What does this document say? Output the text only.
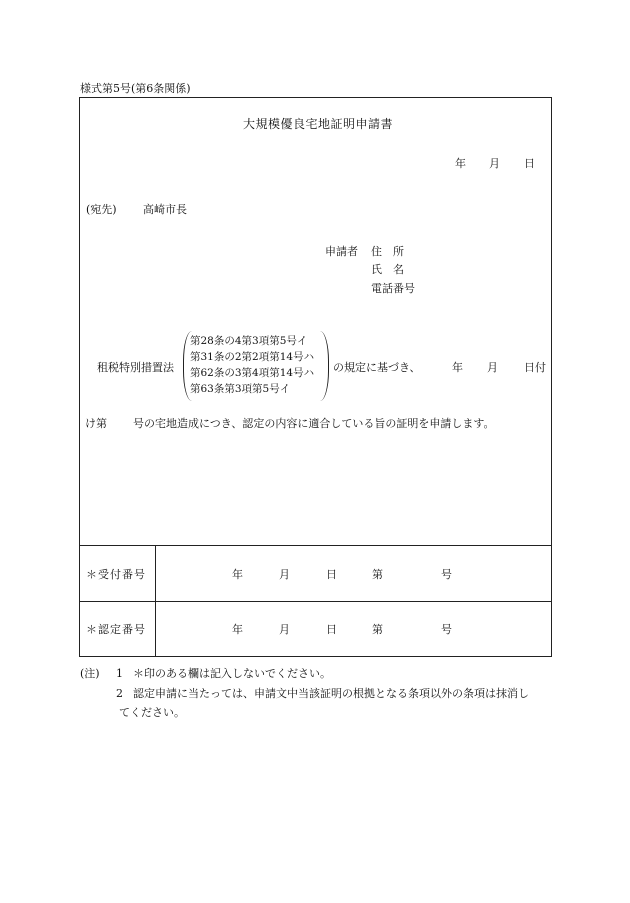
様式第5号(第6条関係)
大規模優良宅地証明申請書
年 月 日
(宛先) 高崎市長
申請者 住　所
氏　名
電話番号
租税特別措置法
第28条の4第3項第5号イ
第31条の2第2項第14号ハ
第62条の3第4項第14号ハ
第63条第3項第5号イ
の規定に基づき、	年 月 日付
け第 号の宅地造成につき、認定の内容に適合している旨の証明を申請します。
＊受付番号	年	月	日	第	号
＊認定番号	年	月	日	第	号
(注) 1 ＊印のある欄は記入しないでください。
2 認定申請に当たっては、申請文中当該証明の根拠となる条項以外の条項は抹消し
てください。
